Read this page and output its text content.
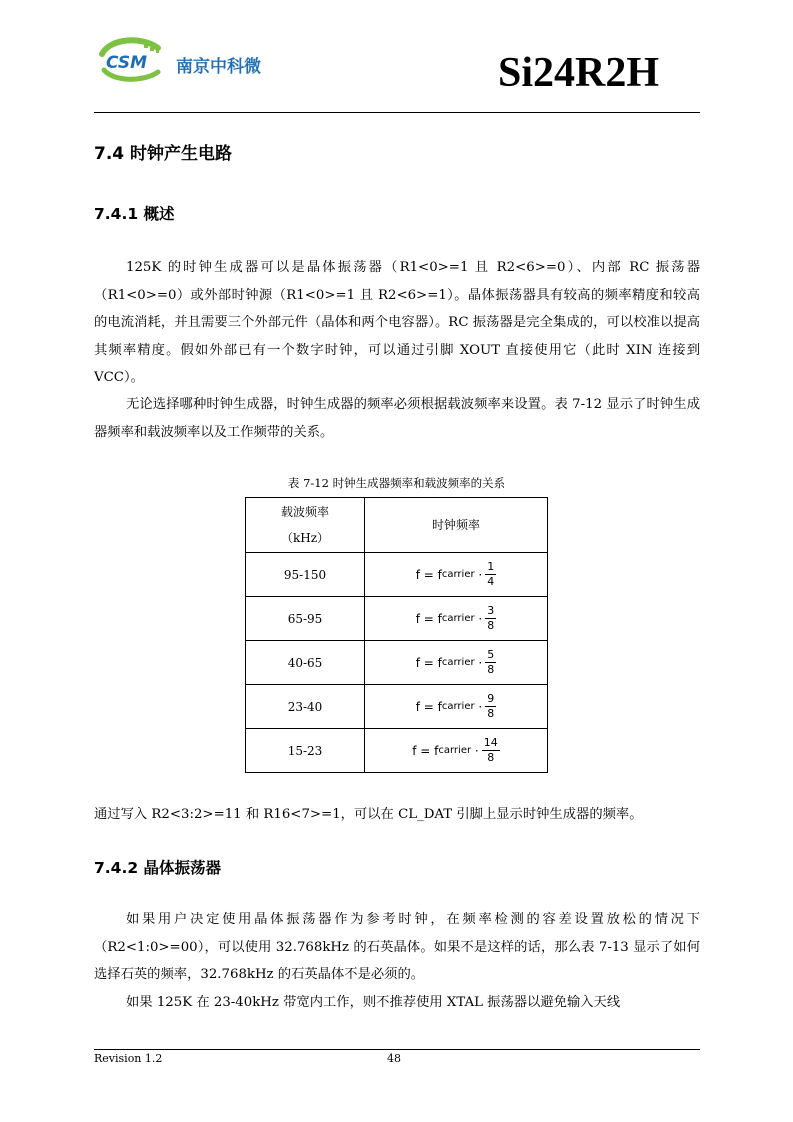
CSM 南京中科微	Si24R2H
7.4 时钟产生电路
7.4.1 概述
125K 的时钟生成器可以是晶体振荡器（R1<0>=1 且 R2<6>=0）、内部 RC 振荡器（R1<0>=0）或外部时钟源（R1<0>=1 且 R2<6>=1）。晶体振荡器具有较高的频率精度和较高的电流消耗，并且需要三个外部元件（晶体和两个电容器）。RC 振荡器是完全集成的，可以校准以提高其频率精度。假如外部已有一个数字时钟，可以通过引脚 XOUT 直接使用它（此时 XIN 连接到 VCC）。
无论选择哪种时钟生成器，时钟生成器的频率必须根据载波频率来设置。表 7-12 显示了时钟生成器频率和载波频率以及工作频带的关系。
表 7-12 时钟生成器频率和载波频率的关系
载波频率
（kHz）	时钟频率
95-150	f = f carrier
· $\frac{1}{4}$

65-95	f = f carrier
· $\frac{3}{8}$

40-65	f = f carrier
· $\frac{5}{8}$

23-40	f = f carrier
· $\frac{9}{8}$

15-23	f = f carrier
· $\frac{14}{8}$
通过写入 R2<3:2>=11 和 R16<7>=1，可以在 CL_DAT 引脚上显示时钟生成器的频率。
7.4.2 晶体振荡器
如果用户决定使用晶体振荡器作为参考时钟，在频率检测的容差设置放松的情况下（R2<1:0>=00），可以使用 32.768kHz 的石英晶体。如果不是这样的话，那么表 7-13 显示了如何选择石英的频率，32.768kHz 的石英晶体不是必须的。
如果 125K 在 23-40kHz 带宽内工作，则不推荐使用 XTAL 振荡器以避免输入天线
Revision 1.2	48
